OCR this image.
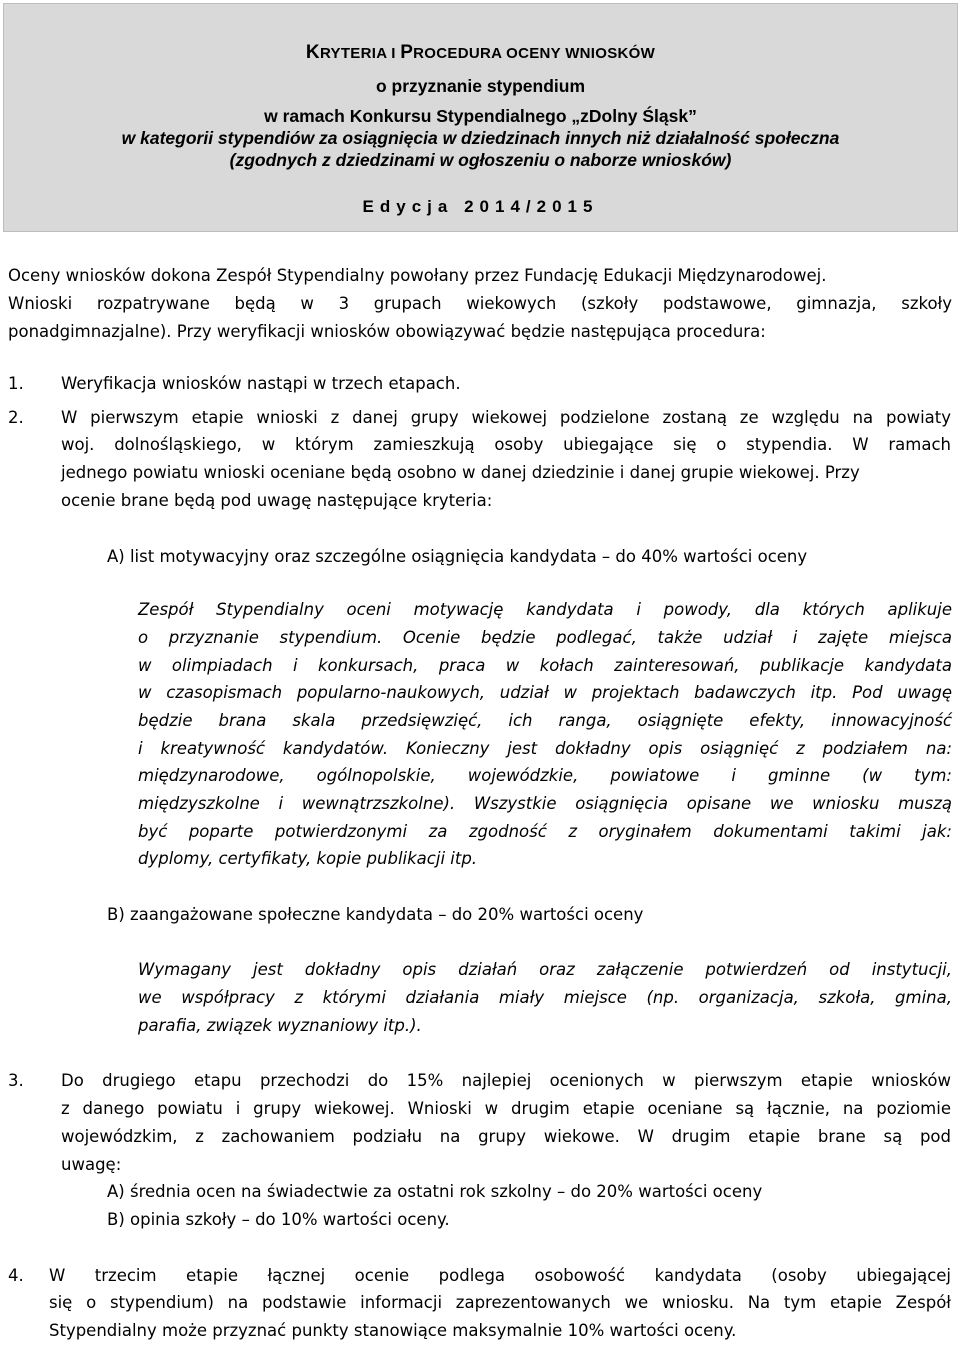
KRYTERIA I PROCEDURA OCENY WNIOSKÓW
o przyznanie stypendium
w ramach Konkursu Stypendialnego „zDolny Śląsk”
w kategorii stypendiów za osiągnięcia w dziedzinach innych niż działalność społeczna
(zgodnych z dziedzinami w ogłoszeniu o naborze wniosków)
Edycja 2014/2015
Oceny wniosków dokona Zespół Stypendialny powołany przez Fundację Edukacji Międzynarodowej.
Wnioski rozpatrywane będą w 3 grupach wiekowych (szkoły podstawowe, gimnazja, szkoły
ponadgimnazjalne). Przy weryfikacji wniosków obowiązywać będzie następująca procedura:
1. Weryfikacja wniosków nastąpi w trzech etapach.
2. W pierwszym etapie wnioski z danej grupy wiekowej podzielone zostaną ze względu na powiaty
woj. dolnośląskiego, w którym zamieszkują osoby ubiegające się o stypendia. W ramach
jednego powiatu wnioski oceniane będą osobno w danej dziedzinie i danej grupie wiekowej. Przy
ocenie brane będą pod uwagę następujące kryteria:
A) list motywacyjny oraz szczególne osiągnięcia kandydata – do 40% wartości oceny
Zespół Stypendialny oceni motywację kandydata i powody, dla których aplikuje
o przyznanie stypendium. Ocenie będzie podlegać, także udział i zajęte miejsca
w olimpiadach i konkursach, praca w kołach zainteresowań, publikacje kandydata
w czasopismach popularno-naukowych, udział w projektach badawczych itp. Pod uwagę
będzie brana skala przedsięwzięć, ich ranga, osiągnięte efekty, innowacyjność
i kreatywność kandydatów. Konieczny jest dokładny opis osiągnięć z podziałem na:
międzynarodowe, ogólnopolskie, wojewódzkie, powiatowe i gminne (w tym:
międzyszkolne i wewnątrzszkolne). Wszystkie osiągnięcia opisane we wniosku muszą
być poparte potwierdzonymi za zgodność z oryginałem dokumentami takimi jak:
dyplomy, certyfikaty, kopie publikacji itp.
B) zaangażowane społeczne kandydata – do 20% wartości oceny
Wymagany jest dokładny opis działań oraz załączenie potwierdzeń od instytucji,
we współpracy z którymi działania miały miejsce (np. organizacja, szkoła, gmina,
parafia, związek wyznaniowy itp.).
3. Do drugiego etapu przechodzi do 15% najlepiej ocenionych w pierwszym etapie wniosków
z danego powiatu i grupy wiekowej. Wnioski w drugim etapie oceniane są łącznie, na poziomie
wojewódzkim, z zachowaniem podziału na grupy wiekowe. W drugim etapie brane są pod
uwagę:
A) średnia ocen na świadectwie za ostatni rok szkolny – do 20% wartości oceny
B) opinia szkoły – do 10% wartości oceny.
4. W trzecim etapie łącznej ocenie podlega osobowość kandydata (osoby ubiegającej
się o stypendium) na podstawie informacji zaprezentowanych we wniosku. Na tym etapie Zespół
Stypendialny może przyznać punkty stanowiące maksymalnie 10% wartości oceny.
